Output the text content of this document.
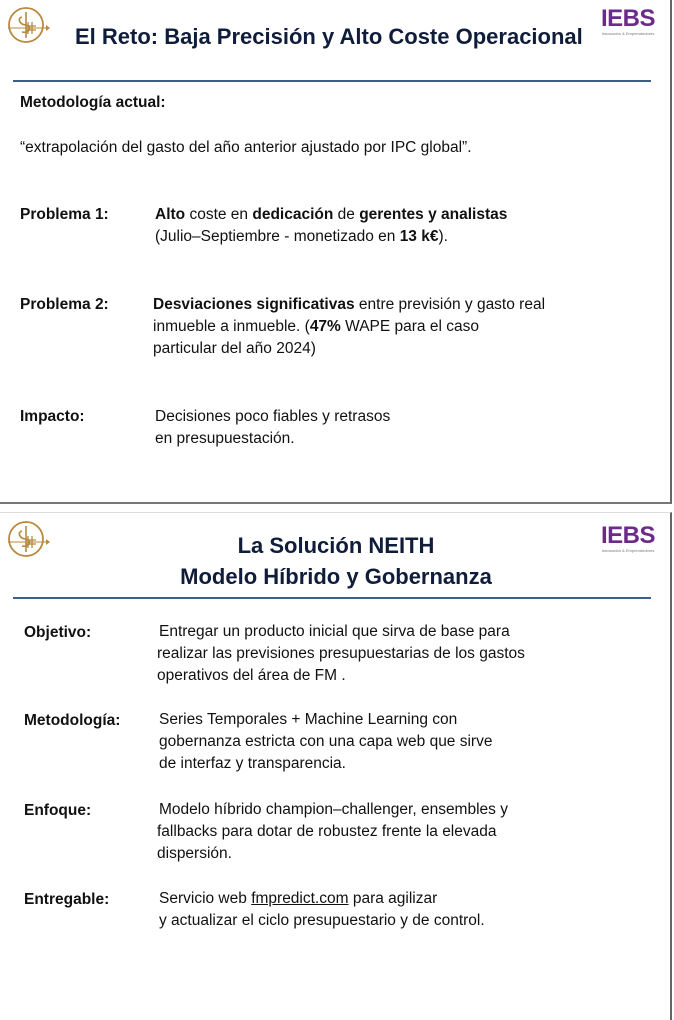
El Reto: Baja Precisión y Alto Coste Operacional
IEBS
Innovación & Emprendedores
Metodología actual:
“extrapolación del gasto del año anterior ajustado por IPC global”.
Problema 1:	Alto coste en dedicación de gerentes y analistas
(Julio–Septiembre - monetizado en 13 k€).
Problema 2:	Desviaciones significativas entre previsión y gasto real
inmueble a inmueble. (47% WAPE para el caso
particular del año 2024)
Impacto:	Decisiones poco fiables y retrasos
en presupuestación.
La Solución NEITH
Modelo Híbrido y Gobernanza
IEBS
Innovación & Emprendedores
Objetivo:	Entregar un producto inicial que sirva de base para
realizar las previsiones presupuestarias de los gastos
operativos del área de FM .
Metodología: Series Temporales + Machine Learning con
gobernanza estricta con una capa web que sirve
de interfaz y transparencia.
Enfoque:	Modelo híbrido champion–challenger, ensembles y
fallbacks para dotar de robustez frente la elevada
dispersión.
Entregable:	Servicio web fmpredict.com para agilizar
y actualizar el ciclo presupuestario y de control.
